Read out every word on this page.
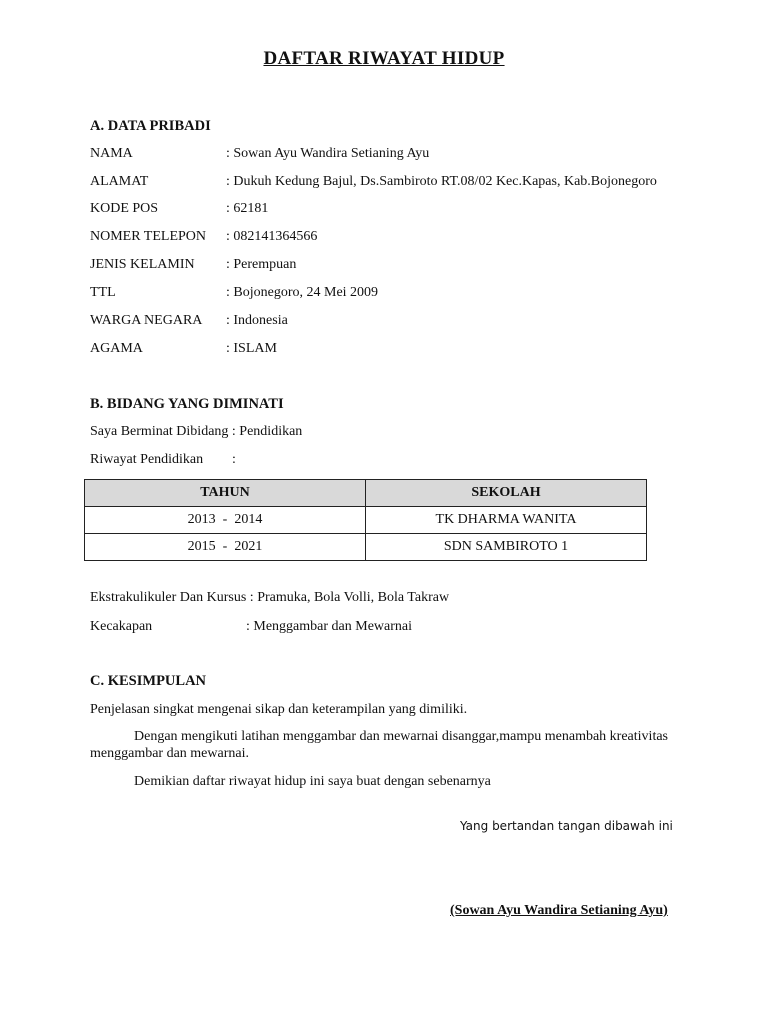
DAFTAR RIWAYAT HIDUP
A. DATA PRIBADI
NAMA	: Sowan Ayu Wandira Setianing Ayu
ALAMAT	: Dukuh Kedung Bajul, Ds.Sambiroto RT.08/02 Kec.Kapas, Kab.Bojonegoro
KODE POS	: 62181
NOMER TELEPON : 082141364566
JENIS KELAMIN : Perempuan
TTL	: Bojonegoro, 24 Mei 2009
WARGA NEGARA : Indonesia
AGAMA	: ISLAM
B. BIDANG YANG DIMINATI
Saya Berminat Dibidang : Pendidikan
Riwayat Pendidikan :
TAHUN	SEKOLAH
2013  -  2014	TK DHARMA WANITA
2015  -  2021	SDN SAMBIROTO 1
Ekstrakulikuler Dan Kursus : Pramuka, Bola Volli, Bola Takraw
Kecakapan	: Menggambar dan Mewarnai
C. KESIMPULAN
Penjelasan singkat mengenai sikap dan keterampilan yang dimiliki.
Dengan mengikuti latihan menggambar dan mewarnai disanggar,mampu menambah kreativitas menggambar dan mewarnai.
Demikian daftar riwayat hidup ini saya buat dengan sebenarnya
Yang bertandan tangan dibawah ini
(Sowan Ayu Wandira Setianing Ayu)
